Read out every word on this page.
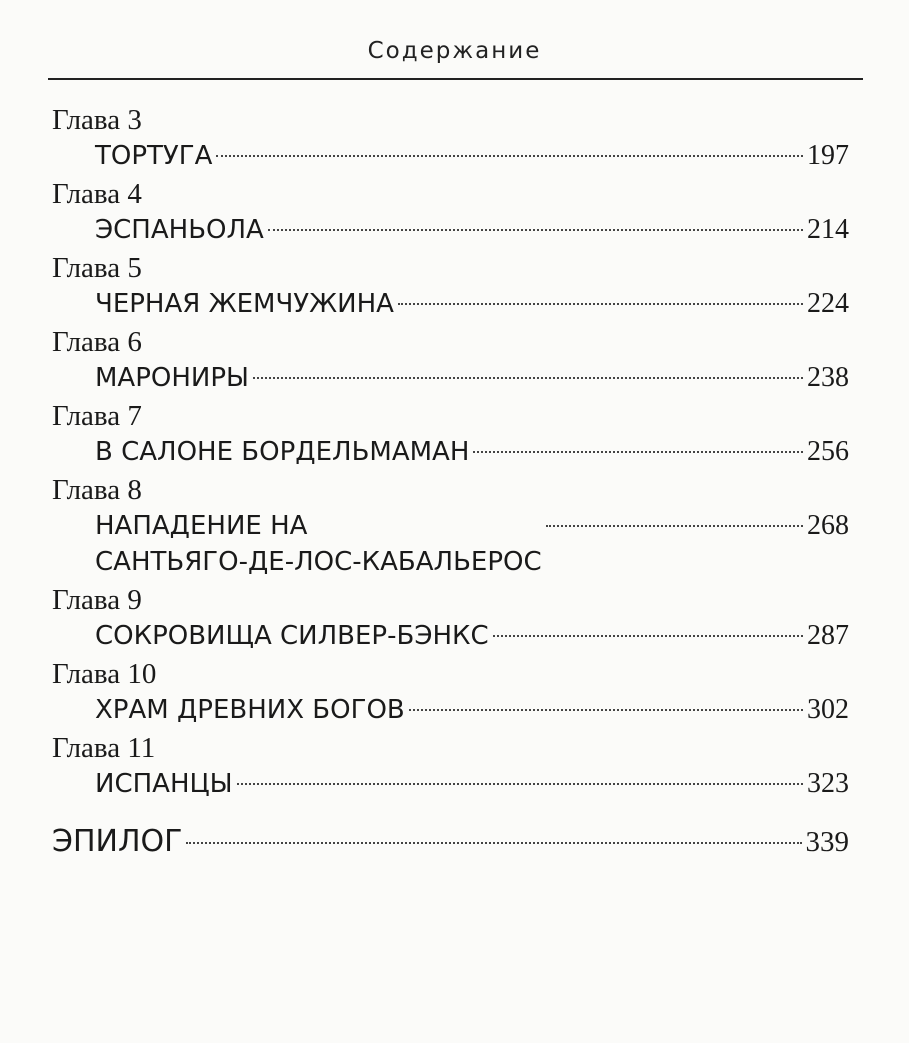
Содержание
Глава 3
ТОРТУГА	197
Глава 4
ЭСПАНЬОЛА	214
Глава 5
ЧЕРНАЯ ЖЕМЧУЖИНА	224
Глава 6
МАРОНИРЫ	238
Глава 7
В САЛОНЕ БОРДЕЛЬМАМАН	256
Глава 8
НАПАДЕНИЕ НА
САНТЬЯГО-ДЕ-ЛОС-КАБАЛЬЕРОС
268
Глава 9
СОКРОВИЩА СИЛВЕР-БЭНКС	287
Глава 10
ХРАМ ДРЕВНИХ БОГОВ	302
Глава 11
ИСПАНЦЫ	323
ЭПИЛОГ	339
